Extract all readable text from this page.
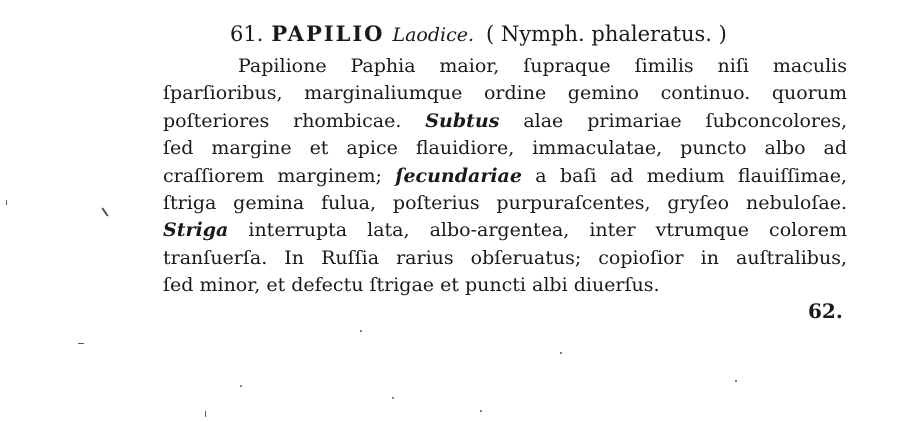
61. PAPILIO Laodice. ( Nymph. phaleratus. )
Papilione Paphia maior, ſupraque ſimilis niſi maculis
ſparſioribus, marginaliumque ordine gemino continuo. quorum
poſteriores rhombicae. Subtus alae primariae ſubconcolores,
ſed margine et apice flauidiore, immaculatae, puncto albo ad
craſſiorem marginem; ſecundariae a baſi ad medium flauiſſimae,
ſtriga gemina fulua, poſterius purpuraſcentes, gryſeo nebuloſae.
Striga interrupta lata, albo-argentea, inter vtrumque colorem
tranſuerſa. In Ruſſia rarius obſeruatus; copioſior in auſtralibus,
ſed minor, et defectu ſtrigae et puncti albi diuerſus.
62.
